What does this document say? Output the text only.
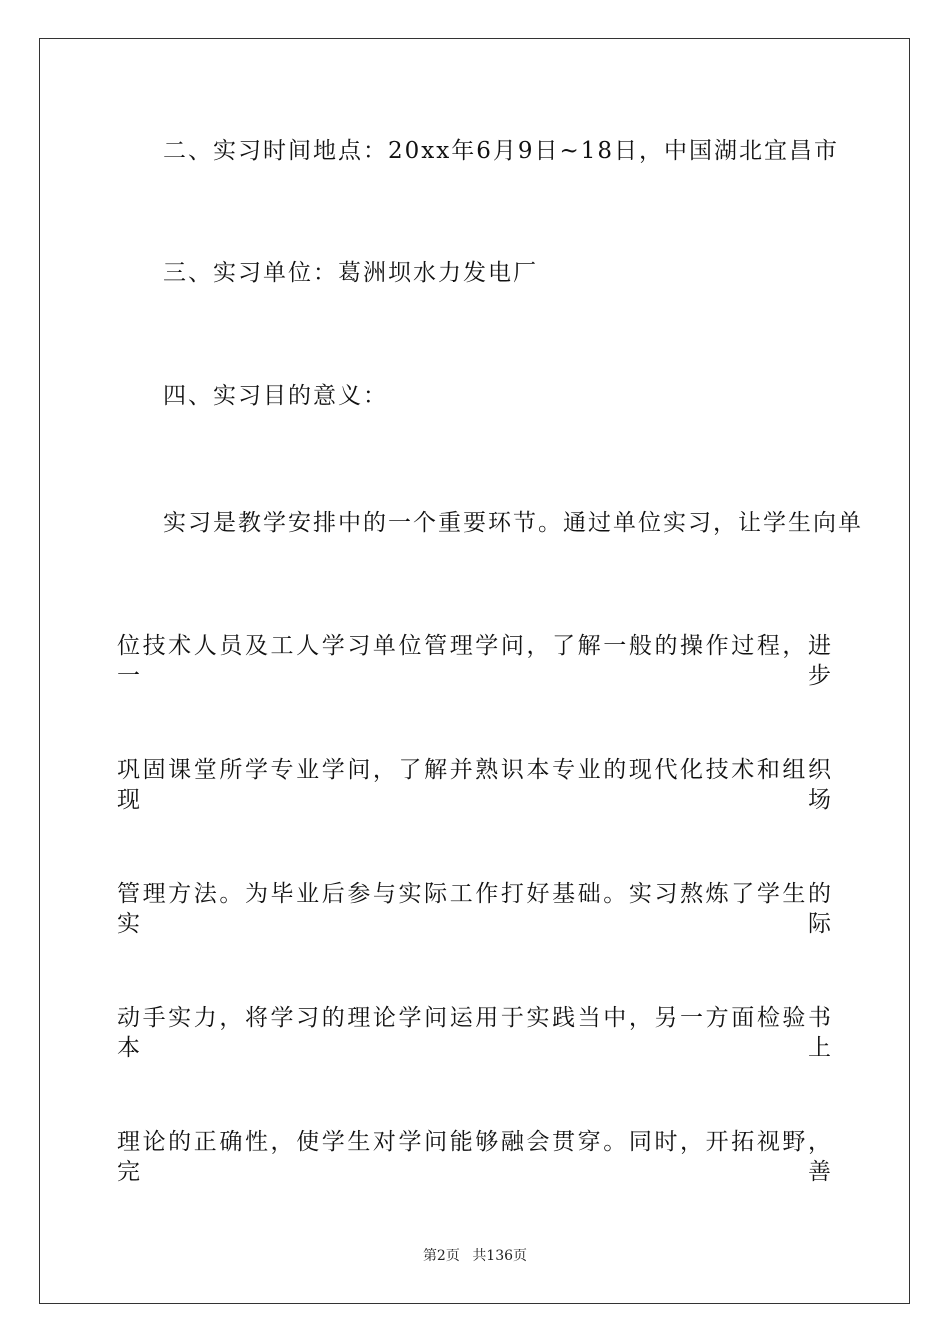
二、实习时间地点：20xx年6月9日~18日，中国湖北宜昌市
三、实习单位：葛洲坝水力发电厂
四、实习目的意义：
实习是教学安排中的一个重要环节。通过单位实习，让学生向单
位技术人员及工人学习单位管理学问，了解一般的操作过程，进一步
巩固课堂所学专业学问，了解并熟识本专业的现代化技术和组织现场
管理方法。为毕业后参与实际工作打好基础。实习熬炼了学生的实际
动手实力，将学习的理论学问运用于实践当中，另一方面检验书本上
理论的正确性，使学生对学问能够融会贯穿。同时，开拓视野，完善
第2页 共136页
